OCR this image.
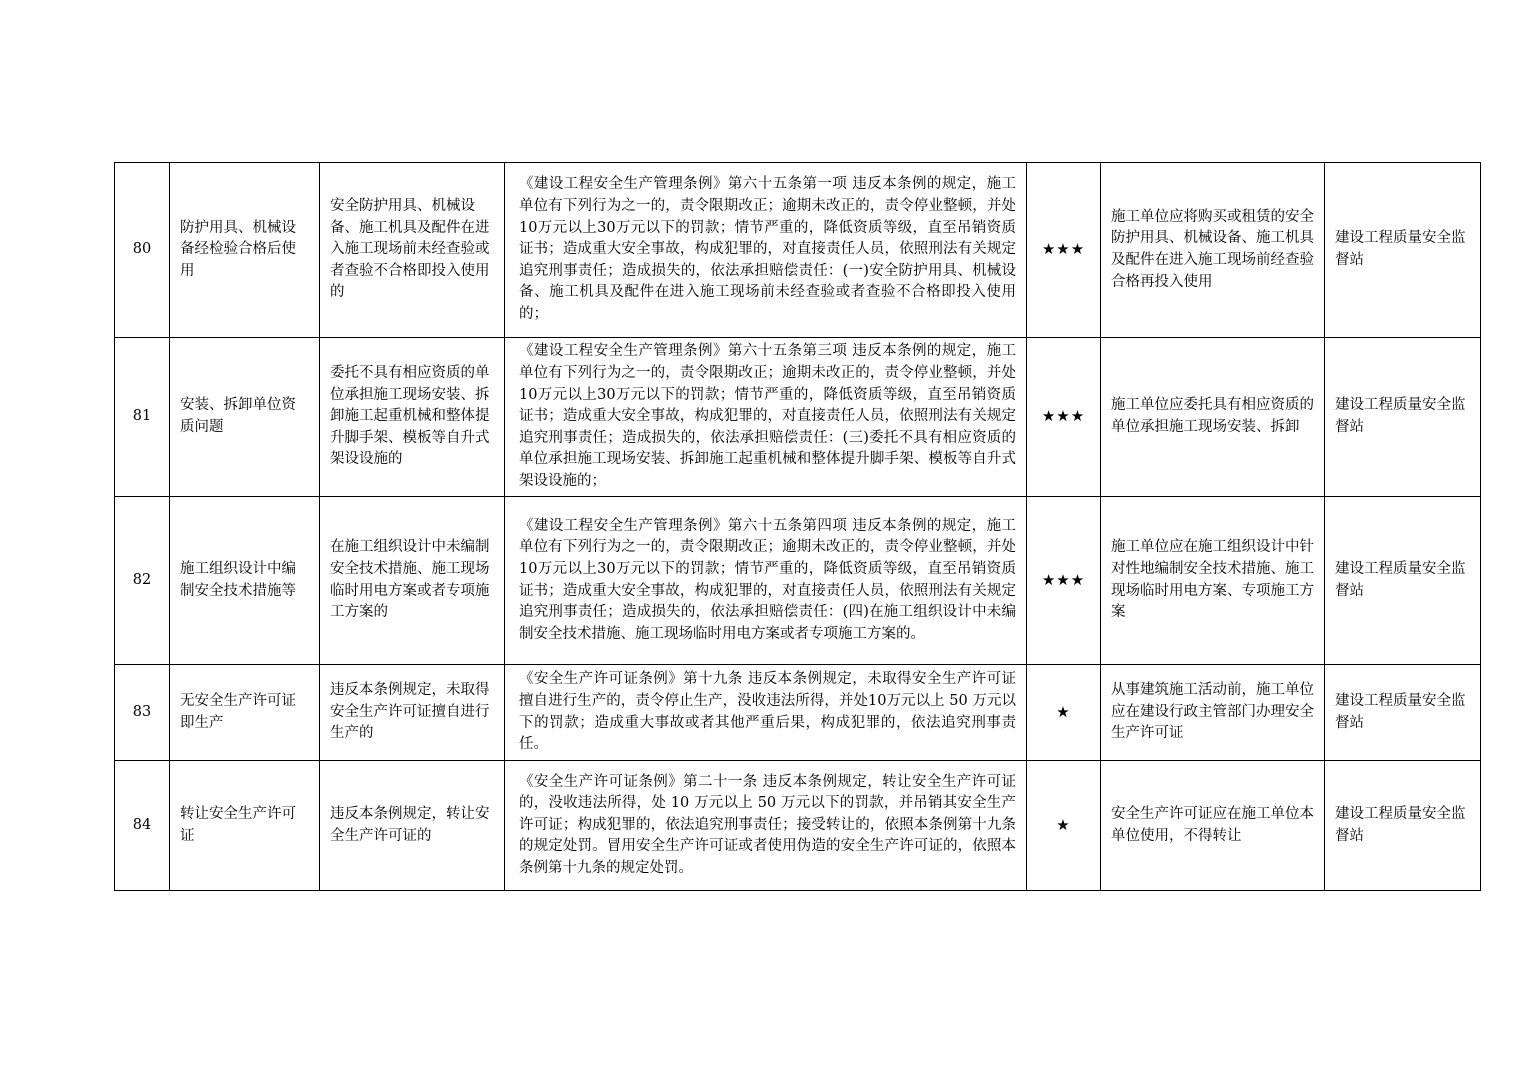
80	防护用具、机械设备经检验合格后使用	安全防护用具、机械设备、施工机具及配件在进入施工现场前未经查验或者查验不合格即投入使用的	《建设工程安全生产管理条例》第六十五条第一项 违反本条例的规定，施工单位有下列行为之一的，责令限期改正；逾期未改正的，责令停业整顿，并处10万元以上30万元以下的罚款；情节严重的，降低资质等级，直至吊销资质证书；造成重大安全事故，构成犯罪的，对直接责任人员，依照刑法有关规定追究刑事责任；造成损失的，依法承担赔偿责任：(一)安全防护用具、机械设备、施工机具及配件在进入施工现场前未经查验或者查验不合格即投入使用的；	★★★	施工单位应将购买或租赁的安全防护用具、机械设备、施工机具及配件在进入施工现场前经查验合格再投入使用	建设工程质量安全监督站
81	安装、拆卸单位资质问题	委托不具有相应资质的单位承担施工现场安装、拆卸施工起重机械和整体提升脚手架、模板等自升式架设设施的	《建设工程安全生产管理条例》第六十五条第三项 违反本条例的规定，施工单位有下列行为之一的，责令限期改正；逾期未改正的，责令停业整顿，并处10万元以上30万元以下的罚款；情节严重的，降低资质等级，直至吊销资质证书；造成重大安全事故，构成犯罪的，对直接责任人员，依照刑法有关规定追究刑事责任；造成损失的，依法承担赔偿责任：(三)委托不具有相应资质的单位承担施工现场安装、拆卸施工起重机械和整体提升脚手架、模板等自升式架设设施的；	★★★	施工单位应委托具有相应资质的单位承担施工现场安装、拆卸	建设工程质量安全监督站
82	施工组织设计中编制安全技术措施等	在施工组织设计中未编制安全技术措施、施工现场临时用电方案或者专项施工方案的	《建设工程安全生产管理条例》第六十五条第四项 违反本条例的规定，施工单位有下列行为之一的，责令限期改正；逾期未改正的，责令停业整顿，并处10万元以上30万元以下的罚款；情节严重的，降低资质等级，直至吊销资质证书；造成重大安全事故，构成犯罪的，对直接责任人员，依照刑法有关规定追究刑事责任；造成损失的，依法承担赔偿责任：(四)在施工组织设计中未编制安全技术措施、施工现场临时用电方案或者专项施工方案的。	★★★	施工单位应在施工组织设计中针对性地编制安全技术措施、施工现场临时用电方案、专项施工方案	建设工程质量安全监督站
83	无安全生产许可证即生产	违反本条例规定，未取得安全生产许可证擅自进行生产的	《安全生产许可证条例》第十九条 违反本条例规定，未取得安全生产许可证擅自进行生产的，责令停止生产，没收违法所得，并处10万元以上 50 万元以下的罚款；造成重大事故或者其他严重后果，构成犯罪的，依法追究刑事责任。	★	从事建筑施工活动前，施工单位应在建设行政主管部门办理安全生产许可证	建设工程质量安全监督站
84	转让安全生产许可证	违反本条例规定，转让安全生产许可证的	《安全生产许可证条例》第二十一条 违反本条例规定，转让安全生产许可证的，没收违法所得，处 10 万元以上 50 万元以下的罚款，并吊销其安全生产许可证；构成犯罪的，依法追究刑事责任；接受转让的，依照本条例第十九条的规定处罚。冒用安全生产许可证或者使用伪造的安全生产许可证的，依照本条例第十九条的规定处罚。	★	安全生产许可证应在施工单位本单位使用，不得转让	建设工程质量安全监督站
